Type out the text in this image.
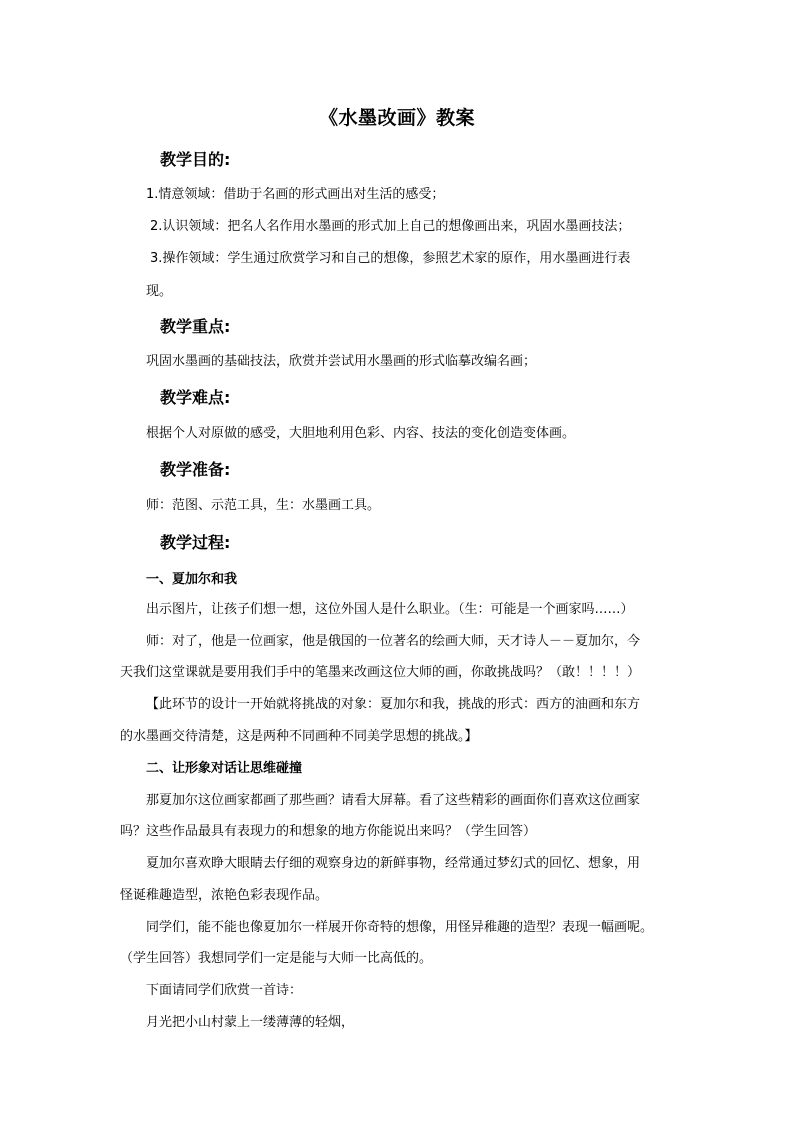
《水墨改画》教案
教学目的:
1.情意领域：借助于名画的形式画出对生活的感受；
2.认识领域：把名人名作用水墨画的形式加上自己的想像画出来，巩固水墨画技法；
3.操作领域：学生通过欣赏学习和自己的想像，参照艺术家的原作，用水墨画进行表
现。
教学重点:
巩固水墨画的基础技法，欣赏并尝试用水墨画的形式临摹改编名画；
教学难点:
根据个人对原做的感受，大胆地利用色彩、内容、技法的变化创造变体画。
教学准备:
师：范图、示范工具，生：水墨画工具。
教学过程:
一、夏加尔和我
出示图片，让孩子们想一想，这位外国人是什么职业。（生：可能是一个画家吗……）
师：对了，他是一位画家，他是俄国的一位著名的绘画大师，天才诗人－－夏加尔，今
天我们这堂课就是要用我们手中的笔墨来改画这位大师的画，你敢挑战吗？（敢！！！！）
【此环节的设计一开始就将挑战的对象：夏加尔和我，挑战的形式：西方的油画和东方
的水墨画交待清楚，这是两种不同画种不同美学思想的挑战。】
二、让形象对话让思维碰撞
那夏加尔这位画家都画了那些画？请看大屏幕。看了这些精彩的画面你们喜欢这位画家
吗？这些作品最具有表现力的和想象的地方你能说出来吗？（学生回答）
夏加尔喜欢睁大眼睛去仔细的观察身边的新鲜事物，经常通过梦幻式的回忆、想象，用
怪诞稚趣造型，浓艳色彩表现作品。
同学们，能不能也像夏加尔一样展开你奇特的想像，用怪异稚趣的造型？表现一幅画呢。
（学生回答）我想同学们一定是能与大师一比高低的。
下面请同学们欣赏一首诗：
月光把小山村蒙上一缕薄薄的轻烟，
